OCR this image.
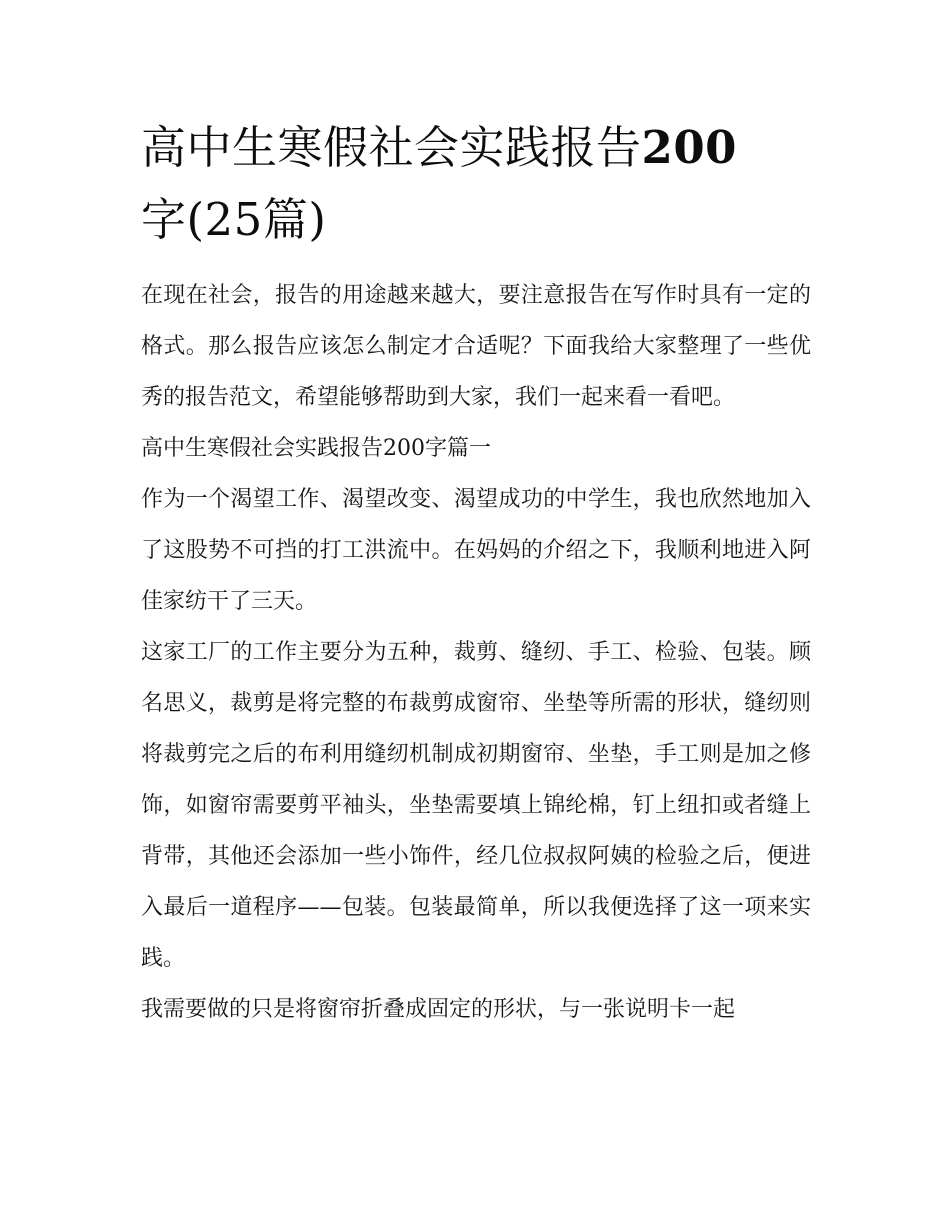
高中生寒假社会实践报告200
字(25篇)

在现在社会，报告的用途越来越大，要注意报告在写作时具有一定的格式。那么报告应该怎么制定才合适呢？下面我给大家整理了一些优秀的报告范文，希望能够帮助到大家，我们一起来看一看吧。

高中生寒假社会实践报告200字篇一

作为一个渴望工作、渴望改变、渴望成功的中学生，我也欣然地加入了这股势不可挡的打工洪流中。在妈妈的介绍之下，我顺利地进入阿佳家纺干了三天。

这家工厂的工作主要分为五种，裁剪、缝纫、手工、检验、包装。顾名思义，裁剪是将完整的布裁剪成窗帘、坐垫等所需的形状，缝纫则将裁剪完之后的布利用缝纫机制成初期窗帘、坐垫，手工则是加之修饰，如窗帘需要剪平袖头，坐垫需要填上锦纶棉，钉上纽扣或者缝上背带，其他还会添加一些小饰件，经几位叔叔阿姨的检验之后，便进入最后一道程序——包装。包装最简单，所以我便选择了这一项来实践。

我需要做的只是将窗帘折叠成固定的形状，与一张说明卡一起
